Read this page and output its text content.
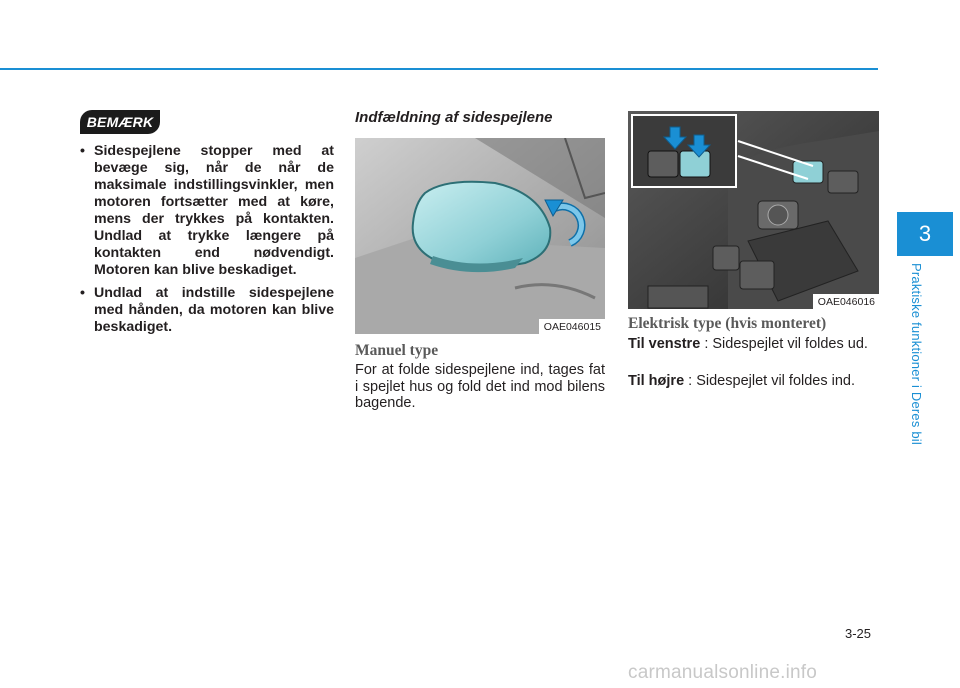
BEMÆRK
• Sidespejlene stopper med at bevæge sig, når de når de maksimale indstillingsvinkler, men motoren fortsætter med at køre, mens der trykkes på kontakten. Undlad at trykke længere på kontakten end nødvendigt. Motoren kan blive beskadiget.
• Undlad at indstille sidespejlene med hånden, da motoren kan blive beskadiget.
Indfældning af sidespejlene
OAE046015
Manuel type
For at folde sidespejlene ind, tages fat i spejlet hus og fold det ind mod bilens bagende.
OAE046016
Elektrisk type (hvis monteret)
Til venstre
: Sidespejlet vil foldes ud.
Til højre : Sidespejlet vil foldes ind.
3
Praktiske funktioner i Deres bil
3-25
carmanualsonline.info
